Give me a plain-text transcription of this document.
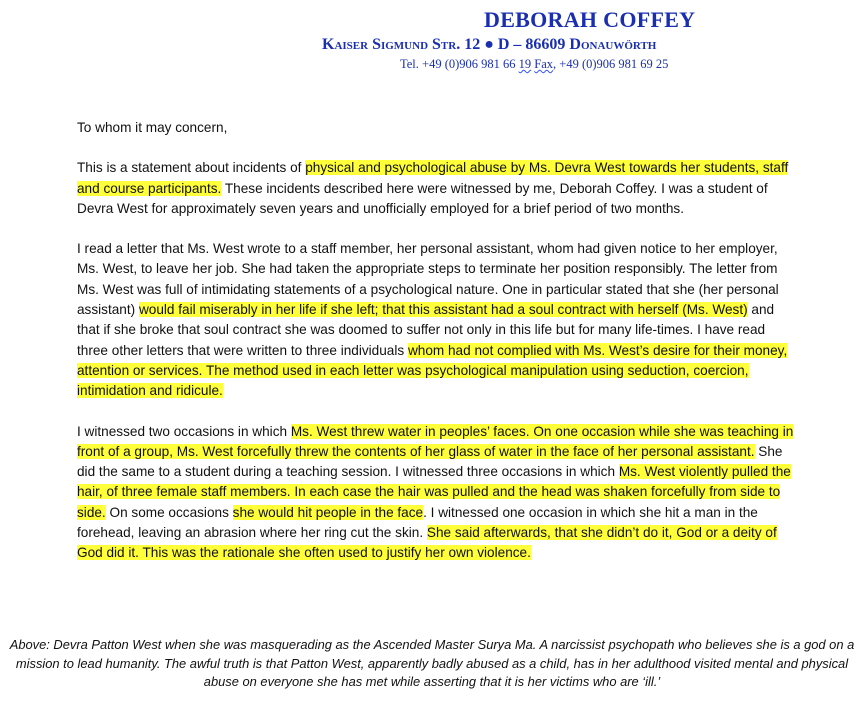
DEBORAH COFFEY
Kaiser Sigmund Str. 12 ● D – 86609 Donauwörth
Tel. +49 (0)906 981 66 19 Fax, +49 (0)906 981 69 25

To whom it may concern,

This is a statement about incidents of physical and psychological abuse by Ms. Devra West towards her students, staff and course participants. These incidents described here were witnessed by me, Deborah Coffey. I was a student of Devra West for approximately seven years and unofficially employed for a brief period of two months.

I read a letter that Ms. West wrote to a staff member, her personal assistant, whom had given notice to her employer, Ms. West, to leave her job. She had taken the appropriate steps to terminate her position responsibly. The letter from Ms. West was full of intimidating statements of a psychological nature. One in particular stated that she (her personal assistant) would fail miserably in her life if she left; that this assistant had a soul contract with herself (Ms. West) and that if she broke that soul contract she was doomed to suffer not only in this life but for many life-times. I have read three other letters that were written to three individuals whom had not complied with Ms. West’s desire for their money, attention or services. The method used in each letter was psychological manipulation using seduction, coercion, intimidation and ridicule.

I witnessed two occasions in which Ms. West threw water in peoples’ faces. On one occasion while she was teaching in front of a group, Ms. West forcefully threw the contents of her glass of water in the face of her personal assistant. She did the same to a student during a teaching session. I witnessed three occasions in which Ms. West violently pulled the hair, of three female staff members. In each case the hair was pulled and the head was shaken forcefully from side to side. On some occasions she would hit people in the face. I witnessed one occasion in which she hit a man in the forehead, leaving an abrasion where her ring cut the skin. She said afterwards, that she didn’t do it, God or a deity of God did it. This was the rationale she often used to justify her own violence.

Above: Devra Patton West when she was masquerading as the Ascended Master Surya Ma. A narcissist psychopath who believes she is a god on a mission to lead humanity. The awful truth is that Patton West, apparently badly abused as a child, has in her adulthood visited mental and physical abuse on everyone she has met while asserting that it is her victims who are ‘ill.’
